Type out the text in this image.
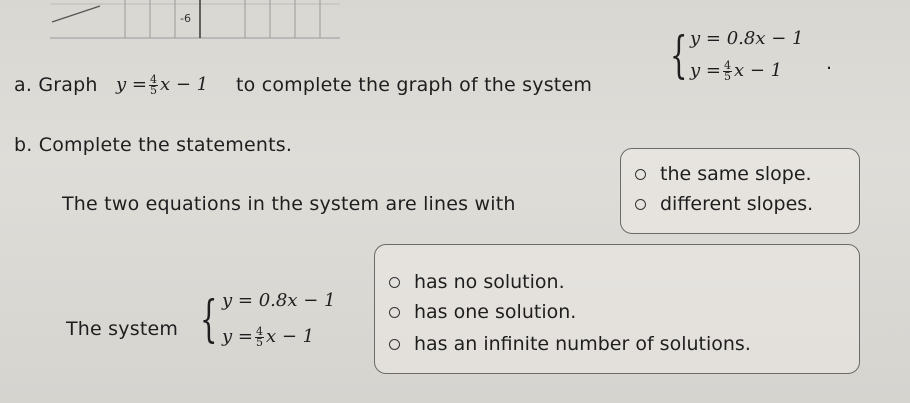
-6
a. Graph $y = \frac{4}{5}$ x − 1 to complete the graph of the system
{ y = 0.8x − 1
$y = \frac{4}{5}$ x − 1 .
b. Complete the statements.
The two equations in the system are lines with
the same slope.
different slopes.
The system { y = 0.8x − 1
$y = \frac{4}{5}$ x − 1
has no solution.
has one solution.
has an infinite number of solutions.
